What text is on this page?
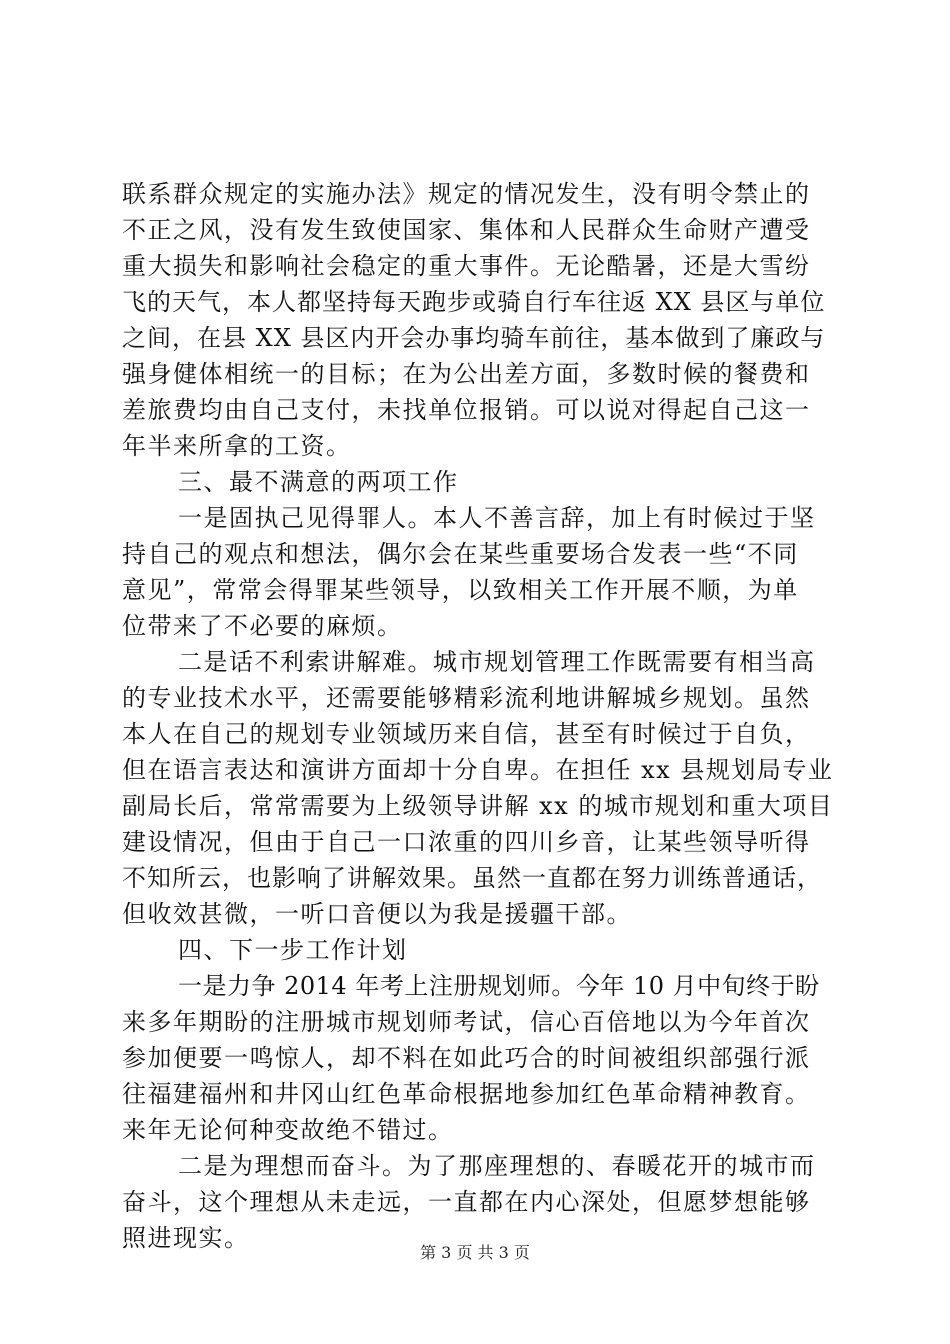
联系群众规定的实施办法》规定的情况发生，没有明令禁止的
不正之风，没有发生致使国家、集体和人民群众生命财产遭受
重大损失和影响社会稳定的重大事件。无论酷暑，还是大雪纷
飞的天气，本人都坚持每天跑步或骑自行车往返 XX 县区与单位
之间，在县 XX 县区内开会办事均骑车前往，基本做到了廉政与
强身健体相统一的目标；在为公出差方面，多数时候的餐费和
差旅费均由自己支付，未找单位报销。可以说对得起自己这一
年半来所拿的工资。
三、最不满意的两项工作
一是固执己见得罪人。本人不善言辞，加上有时候过于坚
持自己的观点和想法，偶尔会在某些重要场合发表一些“不同
意见”，常常会得罪某些领导，以致相关工作开展不顺，为单
位带来了不必要的麻烦。
二是话不利索讲解难。城市规划管理工作既需要有相当高
的专业技术水平，还需要能够精彩流利地讲解城乡规划。虽然
本人在自己的规划专业领域历来自信，甚至有时候过于自负，
但在语言表达和演讲方面却十分自卑。在担任 xx 县规划局专业
副局长后，常常需要为上级领导讲解 xx 的城市规划和重大项目
建设情况，但由于自己一口浓重的四川乡音，让某些领导听得
不知所云，也影响了讲解效果。虽然一直都在努力训练普通话，
但收效甚微，一听口音便以为我是援疆干部。
四、下一步工作计划
一是力争 2014 年考上注册规划师。今年 10 月中旬终于盼
来多年期盼的注册城市规划师考试，信心百倍地以为今年首次
参加便要一鸣惊人，却不料在如此巧合的时间被组织部强行派
往福建福州和井冈山红色革命根据地参加红色革命精神教育。
来年无论何种变故绝不错过。
二是为理想而奋斗。为了那座理想的、春暖花开的城市而
奋斗，这个理想从未走远，一直都在内心深处，但愿梦想能够
照进现实。
第 3 页 共 3 页
